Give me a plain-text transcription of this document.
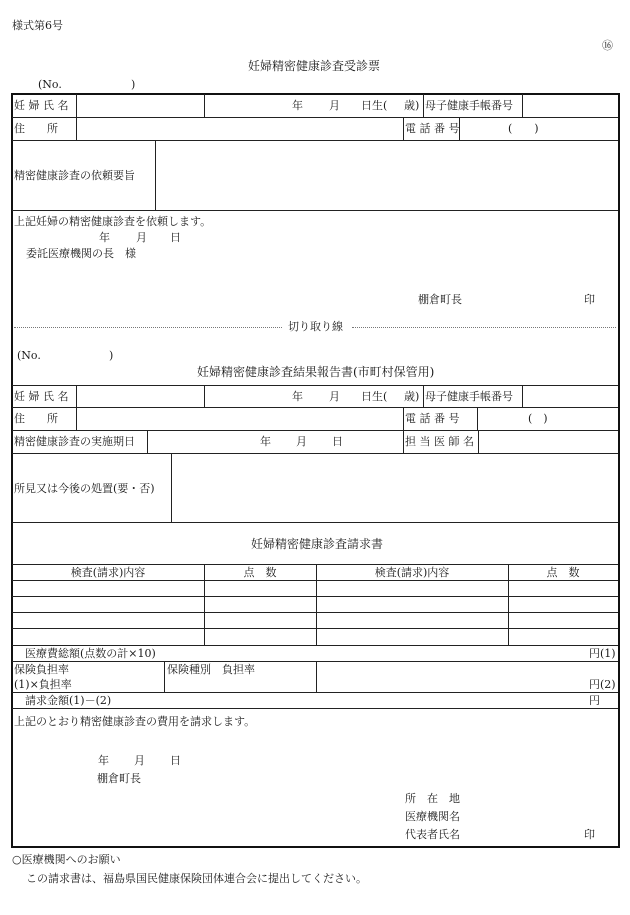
様式第6号
⑯
妊婦精密健康診査受診票
(No.	)
妊 婦 氏 名	年 月 日生( 歳) 母子健康手帳番号
住　　所	電 話 番 号	(　　)
精密健康診査の依頼要旨
上記妊婦の精密健康診査を依頼します。
年 月 日
委託医療機関の長　様
棚倉町長	印
切り取り線
(No.	)
妊婦精密健康診査結果報告書(市町村保管用)
妊 婦 氏 名	年 月 日生( 歳) 母子健康手帳番号
住　　所	電 話 番 号	(　)
精密健康診査の実施期日	年 月 日	担 当 医 師 名
所見又は今後の処置(要・否)
妊婦精密健康診査請求書
検査(請求)内容	点　数	検査(請求)内容	点　数
医療費総額(点数の計×10)	円(1)
保険負担率	保険種別　負担率
(1)×負担率	円(2)
請求金額(1)－(2)	円
上記のとおり精密健康診査の費用を請求します。
年 月 日
棚倉町長
所　在　地
医療機関名
代表者氏名	印
○医療機関へのお願い
この請求書は、福島県国民健康保険団体連合会に提出してください。
